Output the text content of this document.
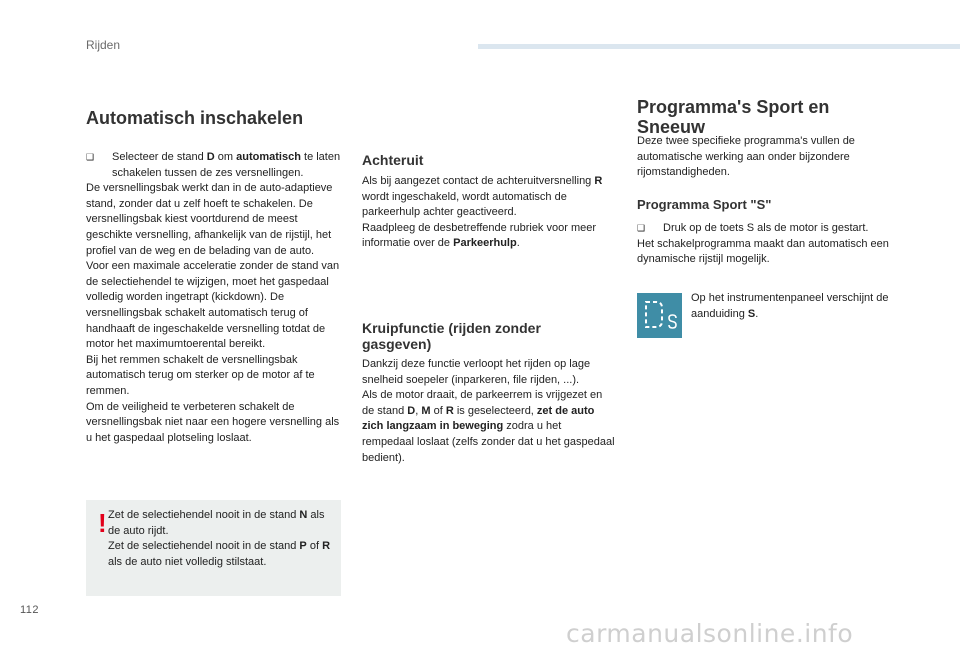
Rijden
Automatisch inschakelen
❑	Selecteer de stand D om automatisch te laten schakelen tussen de zes versnellingen.

De versnellingsbak werkt dan in de auto-adaptieve stand, zonder dat u zelf hoeft te schakelen. De versnellingsbak kiest voortdurend de meest geschikte versnelling, afhankelijk van de rijstijl, het profiel van de weg en de belading van de auto.

Voor een maximale acceleratie zonder de stand van de selectiehendel te wijzigen, moet het gaspedaal volledig worden ingetrapt (kickdown). De versnellingsbak schakelt automatisch terug of handhaaft de ingeschakelde versnelling totdat de motor het maximumtoerental bereikt.

Bij het remmen schakelt de versnellingsbak automatisch terug om sterker op de motor af te remmen.

Om de veiligheid te verbeteren schakelt de versnellingsbak niet naar een hogere versnelling als u het gaspedaal plotseling loslaat.

! Zet de selectiehendel nooit in de stand N als de auto rijdt.

Zet de selectiehendel nooit in de stand P of R als de auto niet volledig stilstaat.

Achteruit

Als bij aangezet contact de achteruitversnelling R wordt ingeschakeld, wordt automatisch de parkeerhulp achter geactiveerd.

Raadpleeg de desbetreffende rubriek voor meer informatie over de Parkeerhulp.

Kruipfunctie (rijden zonder gasgeven)

Dankzij deze functie verloopt het rijden op lage snelheid soepeler (inparkeren, file rijden, ...).

Als de motor draait, de parkeerrem is vrijgezet en de stand D, M of R is geselecteerd, zet de auto zich langzaam in beweging zodra u het rempedaal loslaat (zelfs zonder dat u het gaspedaal bedient).

Programma's Sport en Sneeuw

Deze twee specifieke programma's vullen de automatische werking aan onder bijzondere rijomstandigheden.

Programma Sport "S"
❑	Druk op de toets S als de motor is gestart.

Het schakelprogramma maakt dan automatisch een dynamische rijstijl mogelijk.

Op het instrumentenpaneel verschijnt de aanduiding S.

112
carmanualsonline.info
